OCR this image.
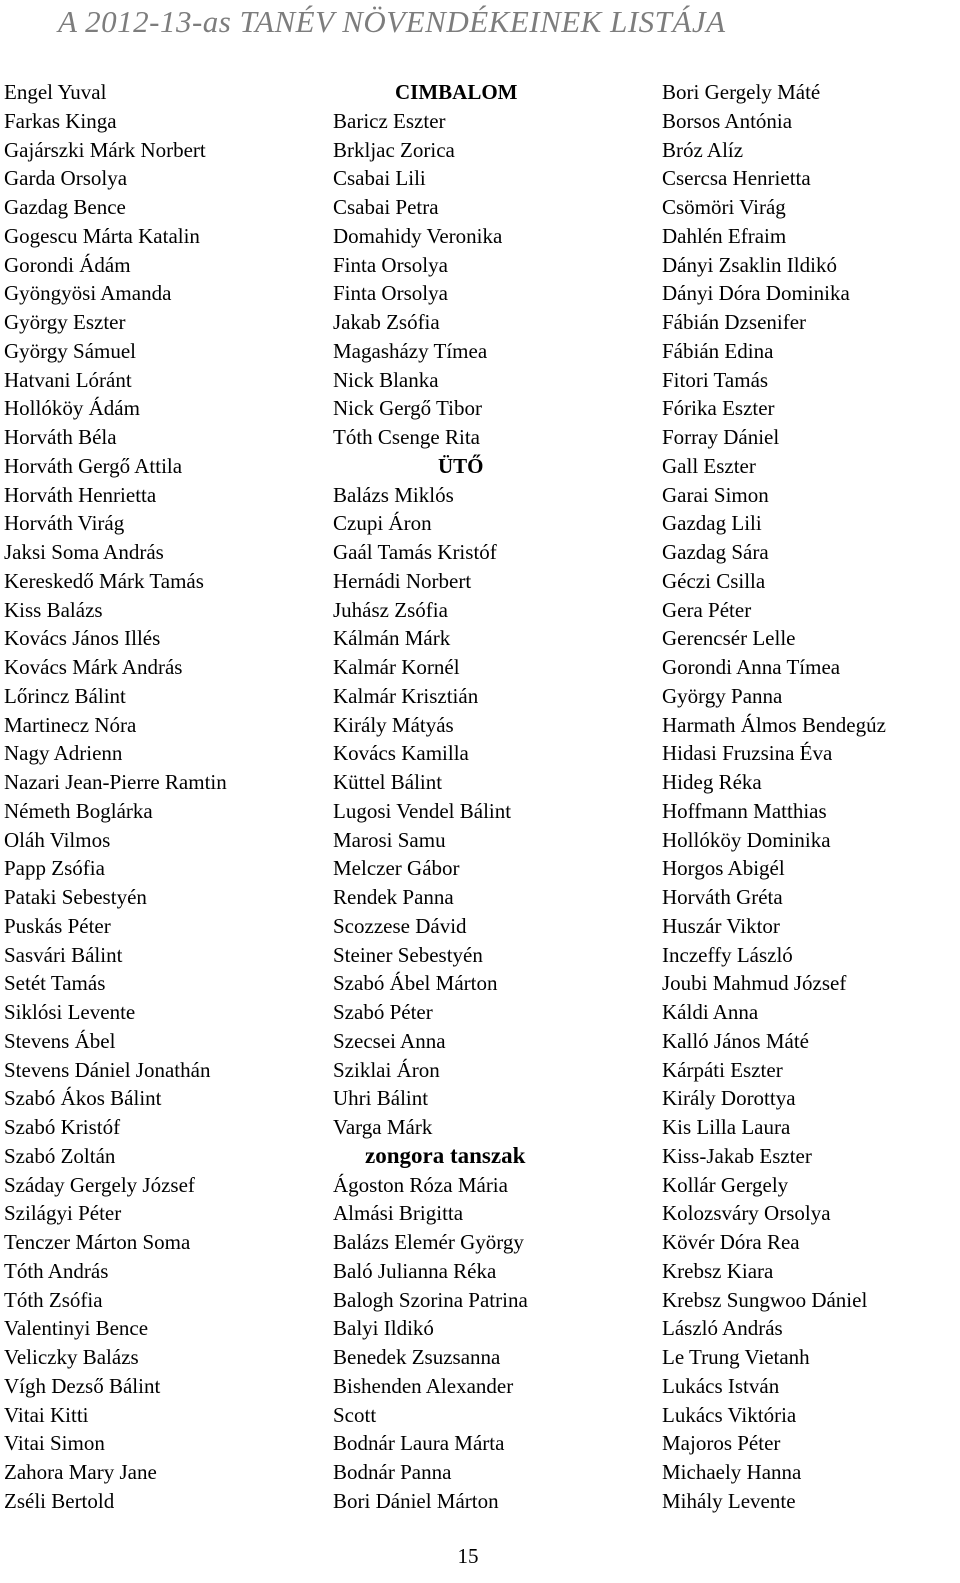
A 2012-13-as TANÉV NÖVENDÉKEINEK LISTÁJA
Engel Yuval
Farkas Kinga
Gajárszki Márk Norbert
Garda Orsolya
Gazdag Bence
Gogescu Márta Katalin
Gorondi Ádám
Gyöngyösi Amanda
György Eszter
György Sámuel
Hatvani Lóránt
Hollóköy Ádám
Horváth Béla
Horváth Gergő Attila
Horváth Henrietta
Horváth Virág
Jaksi Soma András
Kereskedő Márk Tamás
Kiss Balázs
Kovács János Illés
Kovács Márk András
Lőrincz Bálint
Martinecz Nóra
Nagy Adrienn
Nazari Jean-Pierre Ramtin
Németh Boglárka
Oláh Vilmos
Papp Zsófia
Pataki Sebestyén
Puskás Péter
Sasvári Bálint
Setét Tamás
Siklósi Levente
Stevens Ábel
Stevens Dániel Jonathán
Szabó Ákos Bálint
Szabó Kristóf
Szabó Zoltán
Száday Gergely József
Szilágyi Péter
Tenczer Márton Soma
Tóth András
Tóth Zsófia
Valentinyi Bence
Veliczky Balázs
Vígh Dezső Bálint
Vitai Kitti
Vitai Simon
Zahora Mary Jane
Zséli Bertold
CIMBALOM
Baricz Eszter
Brkljac Zorica
Csabai Lili
Csabai Petra
Domahidy Veronika
Finta Orsolya
Finta Orsolya
Jakab Zsófia
Magasházy Tímea
Nick Blanka
Nick Gergő Tibor
Tóth Csenge Rita
ÜTŐ
Balázs Miklós
Czupi Áron
Gaál Tamás Kristóf
Hernádi Norbert
Juhász Zsófia
Kálmán Márk
Kalmár Kornél
Kalmár Krisztián
Király Mátyás
Kovács Kamilla
Küttel Bálint
Lugosi Vendel Bálint
Marosi Samu
Melczer Gábor
Rendek Panna
Scozzese Dávid
Steiner Sebestyén
Szabó Ábel Márton
Szabó Péter
Szecsei Anna
Sziklai Áron
Uhri Bálint
Varga Márk
zongora tanszak
Ágoston Róza Mária
Almási Brigitta
Balázs Elemér György
Baló Julianna Réka
Balogh Szorina Patrina
Balyi Ildikó
Benedek Zsuzsanna
Bishenden Alexander
Scott
Bodnár Laura Márta
Bodnár Panna
Bori Dániel Márton
Bori Gergely Máté
Borsos Antónia
Bróz Alíz
Csercsa Henrietta
Csömöri Virág
Dahlén Efraim
Dányi Zsaklin Ildikó
Dányi Dóra Dominika
Fábián Dzsenifer
Fábián Edina
Fitori Tamás
Fórika Eszter
Forray Dániel
Gall Eszter
Garai Simon
Gazdag Lili
Gazdag Sára
Géczi Csilla
Gera Péter
Gerencsér Lelle
Gorondi Anna Tímea
György Panna
Harmath Álmos Bendegúz
Hidasi Fruzsina Éva
Hideg Réka
Hoffmann Matthias
Hollóköy Dominika
Horgos Abigél
Horváth Gréta
Huszár Viktor
Inczeffy László
Joubi Mahmud József
Káldi Anna
Kalló János Máté
Kárpáti Eszter
Király Dorottya
Kis Lilla Laura
Kiss-Jakab Eszter
Kollár Gergely
Kolozsváry Orsolya
Kövér Dóra Rea
Krebsz Kiara
Krebsz Sungwoo Dániel
László András
Le Trung Vietanh
Lukács István
Lukács Viktória
Majoros Péter
Michaely Hanna
Mihály Levente
15
